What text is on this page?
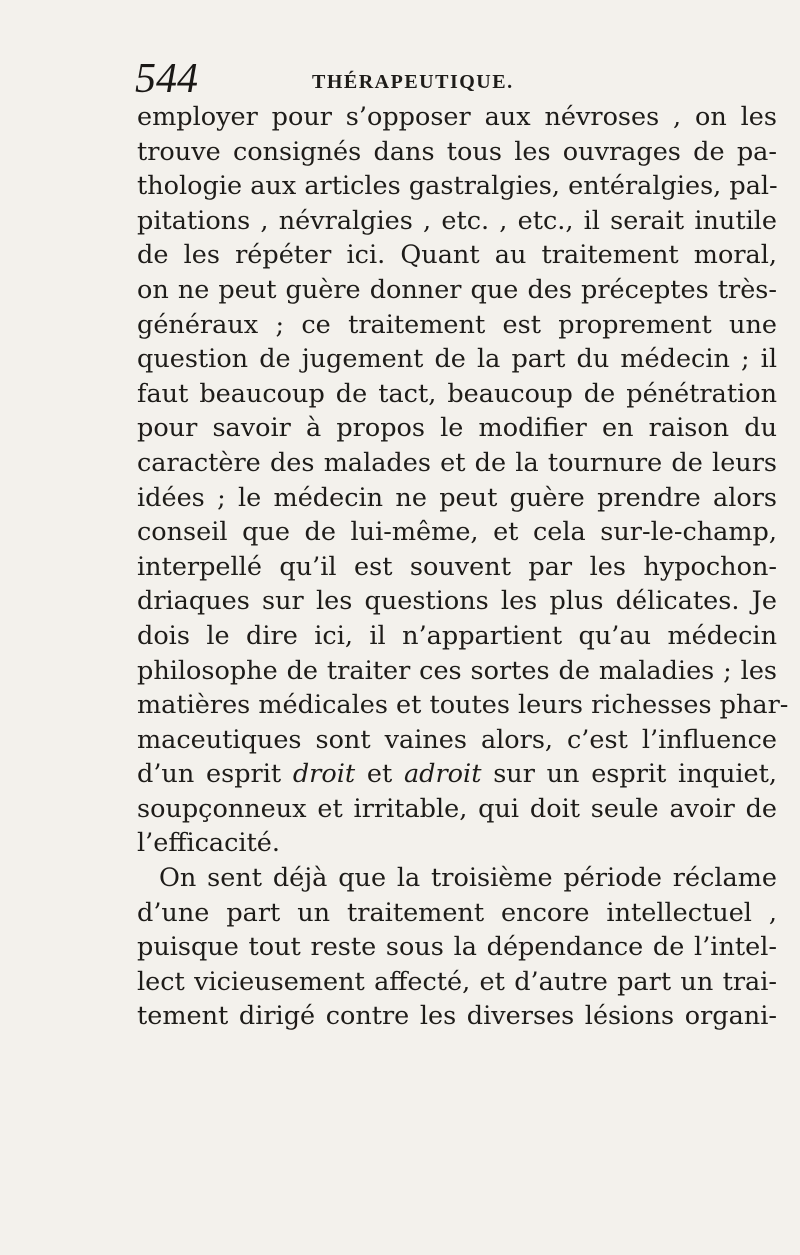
544	THÉRAPEUTIQUE.
employer pour s’opposer aux névroses , on les
trouve consignés dans tous les ouvrages de pa-
thologie aux articles gastralgies, entéralgies, pal-
pitations , névralgies , etc. , etc., il serait inutile
de les répéter ici. Quant au traitement moral,
on ne peut guère donner que des préceptes très-
généraux ; ce traitement est proprement une
question de jugement de la part du médecin ; il
faut beaucoup de tact, beaucoup de pénétration
pour savoir à propos le modifier en raison du
caractère des malades et de la tournure de leurs
idées ; le médecin ne peut guère prendre alors
conseil que de lui-même, et cela sur-le-champ,
interpellé qu’il est souvent par les hypochon-
driaques sur les questions les plus délicates. Je
dois le dire ici, il n’appartient qu’au médecin
philosophe de traiter ces sortes de maladies ; les
matières médicales et toutes leurs richesses phar-
maceutiques sont vaines alors, c’est l’influence
d’un esprit droit et adroit sur un esprit inquiet,
soupçonneux et irritable, qui doit seule avoir de
l’efficacité.
On sent déjà que la troisième période réclame
d’une part un traitement encore intellectuel ,
puisque tout reste sous la dépendance de l’intel-
lect vicieusement affecté, et d’autre part un trai-
tement dirigé contre les diverses lésions organi-
